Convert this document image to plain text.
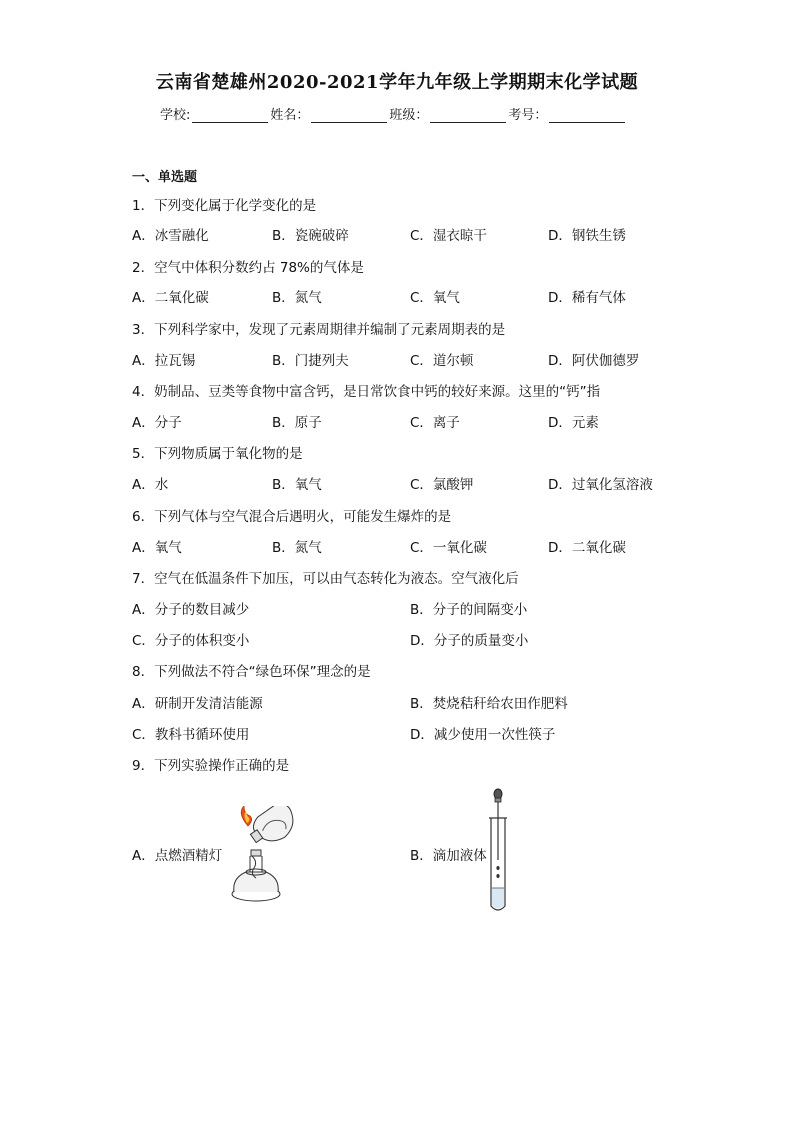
云南省楚雄州2020-2021学年九年级上学期期末化学试题
学校:	姓名：	班级：	考号：
一、单选题
1．下列变化属于化学变化的是
A．冰雪融化	B．瓷碗破碎	C．湿衣晾干	D．钢铁生锈
2．空气中体积分数约占 78%的气体是
A．二氧化碳	B．氮气	C．氧气	D．稀有气体
3．下列科学家中，发现了元素周期律并编制了元素周期表的是
A．拉瓦锡	B．门捷列夫	C．道尔顿	D．阿伏伽德罗
4．奶制品、豆类等食物中富含钙，是日常饮食中钙的较好来源。这里的“钙”指
A．分子	B．原子	C．离子	D．元素
5．下列物质属于氧化物的是
A．水	B．氧气	C．氯酸钾	D．过氧化氢溶液
6．下列气体与空气混合后遇明火，可能发生爆炸的是
A．氧气	B．氮气	C．一氧化碳	D．二氧化碳
7．空气在低温条件下加压，可以由气态转化为液态。空气液化后
A．分子的数目减少	B．分子的间隔变小
C．分子的体积变小	D．分子的质量变小
8．下列做法不符合“绿色环保”理念的是
A．研制开发清洁能源	B．焚烧秸秆给农田作肥料
C．教科书循环使用	D．减少使用一次性筷子
9．下列实验操作正确的是
A．点燃酒精灯	B．滴加液体
